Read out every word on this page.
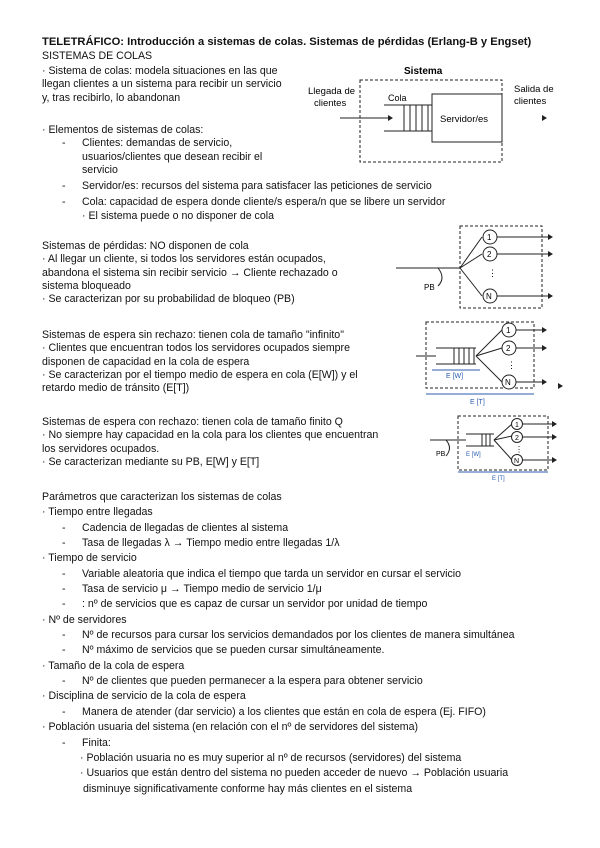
TELETRÁFICO: Introducción a sistemas de colas. Sistemas de pérdidas (Erlang-B y Engset)
SISTEMAS DE COLAS
· Sistema de colas: modela situaciones en las que
llegan clientes a un sistema para recibir un servicio
y, tras recibirlo, lo abandonan
· Elementos de sistemas de colas:
-	Clientes: demandas de servicio,
usuarios/clientes que desean recibir el
servicio
-	Servidor/es: recursos del sistema para satisfacer las peticiones de servicio
-	Cola: capacidad de espera donde cliente/s espera/n que se libere un servidor
· El sistema puede o no disponer de cola
Sistemas de pérdidas: NO disponen de cola
· Al llegar un cliente, si todos los servidores están ocupados,
abandona el sistema sin recibir servicio → Cliente rechazado o
sistema bloqueado
· Se caracterizan por su probabilidad de bloqueo (PB)
Sistemas de espera sin rechazo: tienen cola de tamaño "infinito"
· Clientes que encuentran todos los servidores ocupados siempre
disponen de capacidad en la cola de espera
· Se caracterizan por el tiempo medio de espera en cola (E[W]) y el
retardo medio de tránsito (E[T])
Sistemas de espera con rechazo: tienen cola de tamaño finito Q
· No siempre hay capacidad en la cola para los clientes que encuentran
los servidores ocupados.
· Se caracterizan mediante su PB, E[W] y E[T]
Parámetros que caracterizan los sistemas de colas
· Tiempo entre llegadas
- Cadencia de llegadas de clientes al sistema
- Tasa de llegadas λ → Tiempo medio entre llegadas 1/λ
· Tiempo de servicio
- Variable aleatoria que indica el tiempo que tarda un servidor en cursar el servicio
- Tasa de servicio μ → Tiempo medio de servicio 1/μ
- : nº de servicios que es capaz de cursar un servidor por unidad de tiempo
· Nº de servidores
- Nº de recursos para cursar los servicios demandados por los clientes de manera simultánea
- Nº máximo de servicios que se pueden cursar simultáneamente.
· Tamaño de la cola de espera
- Nº de clientes que pueden permanecer a la espera para obtener servicio
· Disciplina de servicio de la cola de espera
- Manera de atender (dar servicio) a los clientes que están en cola de espera (Ej. FIFO)
· Población usuaria del sistema (en relación con el nº de servidores del sistema)
- Finita:
· Población usuaria no es muy superior al nº de recursos (servidores) del sistema
· Usuarios que están dentro del sistema no pueden acceder de nuevo → Población usuaria
disminuye significativamente conforme hay más clientes en el sistema
Sistema
Llegada de
clientes	Cola
Servidor/es
Salida de
clientes
PB
1
2
⋮
N
1
2
⋮
N
E [W]
E [T]
PB
1
2
⋮
N
E [W]
E [T]
